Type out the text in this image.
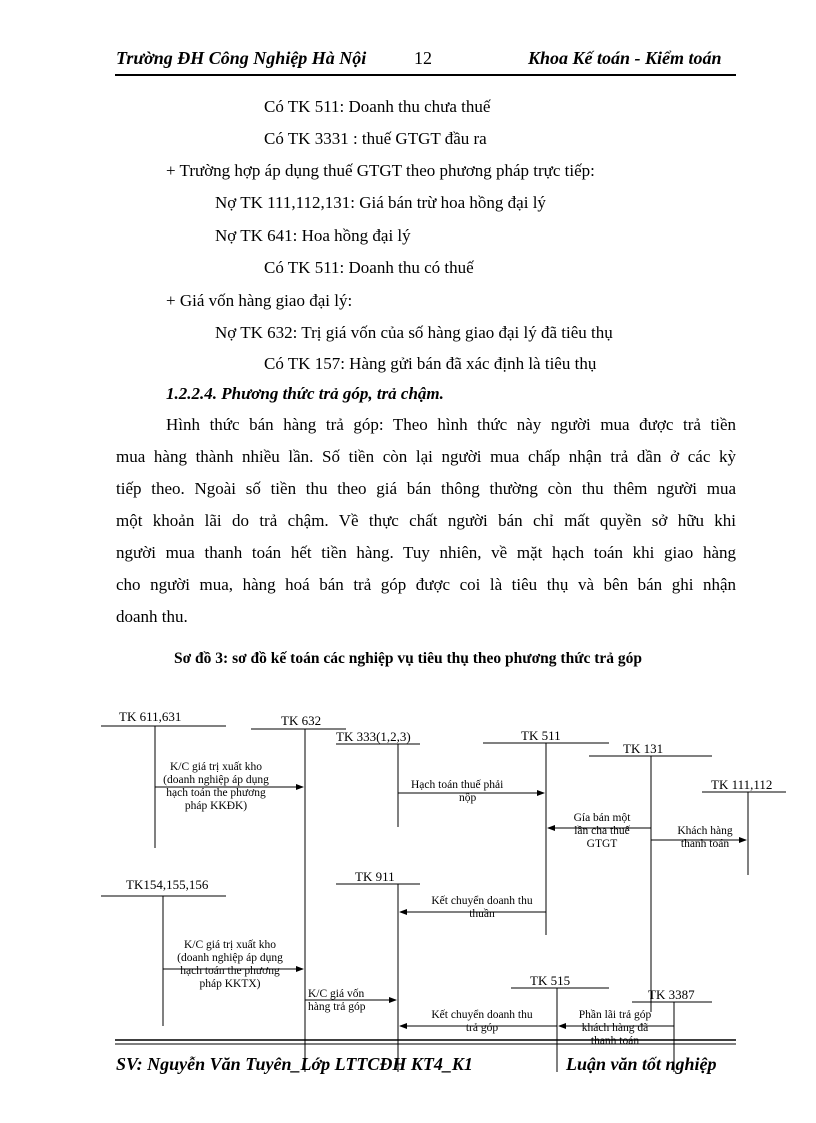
Trường ĐH Công Nghiệp Hà Nội	12	Khoa Kế toán - Kiểm toán
Có TK 511: Doanh thu chưa thuế
Có TK 3331 : thuế GTGT đầu ra
+ Trường hợp áp dụng thuế GTGT theo phương pháp trực tiếp:
Nợ TK 111,112,131: Giá bán trừ hoa hồng đại lý
Nợ TK 641: Hoa hồng đại lý
Có TK 511: Doanh thu có thuế
+ Giá vốn hàng giao đại lý:
Nợ TK 632: Trị giá vốn của số hàng giao đại lý đã tiêu thụ
Có TK 157: Hàng gửi bán đã xác định là tiêu thụ
1.2.2.4. Phương thức trả góp, trả chậm.
Hình thức bán hàng trả góp: Theo hình thức này người mua được trả tiền
mua hàng thành nhiều lần. Số tiền còn lại người mua chấp nhận trả dần ở các kỳ
tiếp theo. Ngoài số tiền thu theo giá bán thông thường còn thu thêm người mua
một khoản lãi do trả chậm. Về thực chất người bán chỉ mất quyền sở hữu khi
người mua thanh toán hết tiền hàng. Tuy nhiên, về mặt hạch toán khi giao hàng
cho người mua, hàng hoá bán trả góp được coi là tiêu thụ và bên bán ghi nhận
doanh thu.
Sơ đồ 3: sơ đồ kế toán các nghiệp vụ tiêu thụ theo phương thức trả góp
TK 611,631	TK 632
TK 333(1,2,3)	TK 511
TK 131
TK 111,112
TK154,155,156
TK 911
TK 515
TK 3387
K/C giá trị xuất kho
(doanh nghiệp áp dụng
hạch toán the phương
pháp KKĐK)
Hạch toán thuế phải
nộp
Gía bán một
lần cha thuế
GTGT
Khách hàng
thanh toán
Kết chuyển doanh thu
thuần
K/C giá trị xuất kho
(doanh nghiệp áp dụng
hạch toán the phương
pháp KKTX)
K/C giá vốn
hàng trả góp
Kết chuyển doanh thu
trả góp
Phần lãi trả góp
khách hàng đã
thanh toán
SV: Nguyễn Văn Tuyên_Lớp LTTCĐH KT4_K1	Luận văn tốt nghiệp
